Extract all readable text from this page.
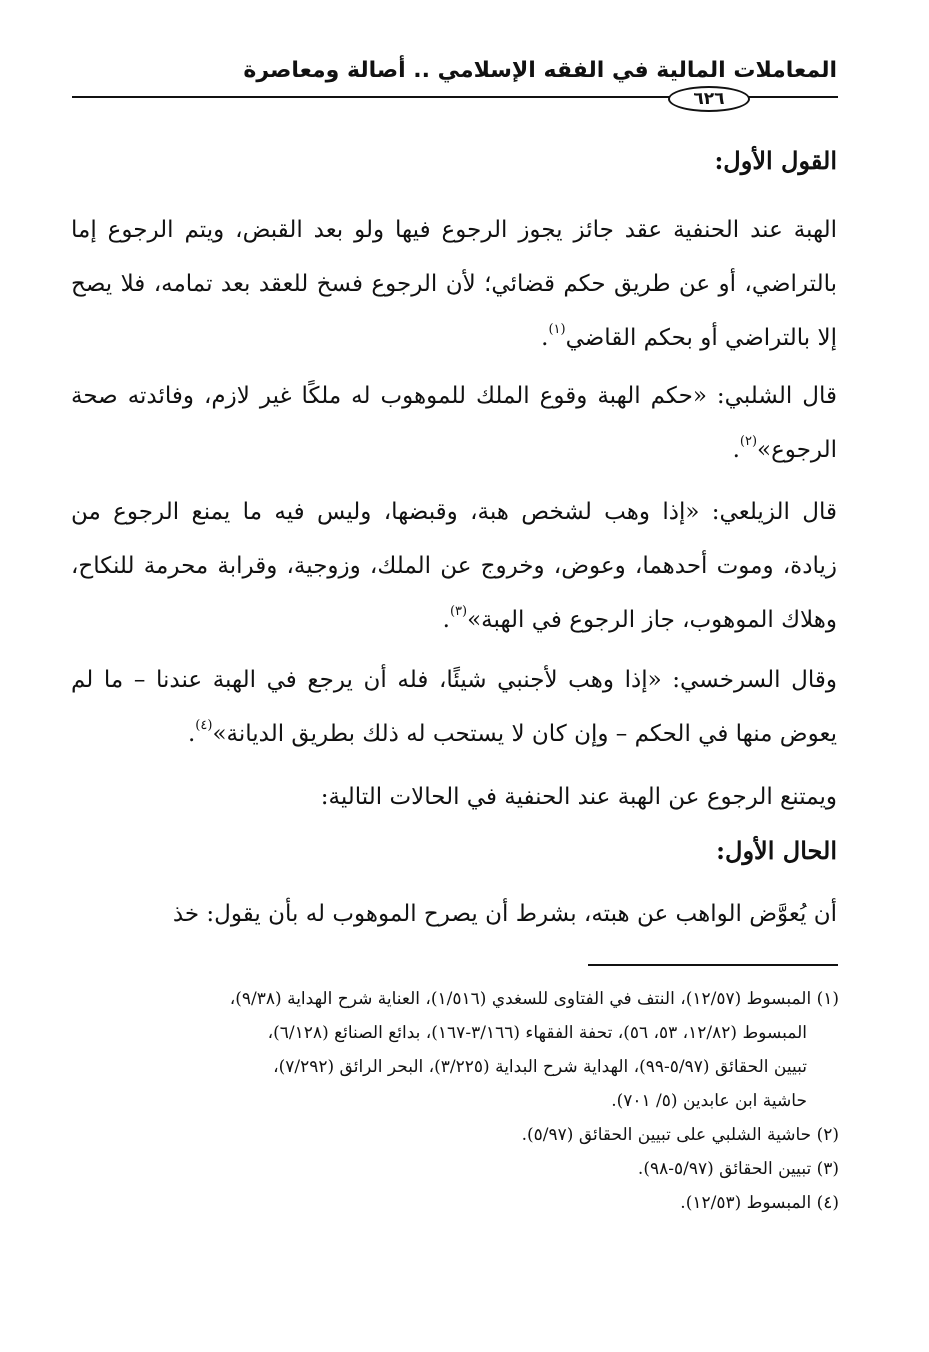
المعاملات المالية في الفقه الإسلامي .. أصالة ومعاصرة
٦٢٦
القول الأول:
الهبة عند الحنفية عقد جائز يجوز الرجوع فيها ولو بعد القبض، ويتم الرجوع إما بالتراضي، أو عن طريق حكم قضائي؛ لأن الرجوع فسخ للعقد بعد تمامه، فلا يصح إلا بالتراضي أو بحكم القاضي$^{(١)}$.
قال الشلبي: «حكم الهبة وقوع الملك للموهوب له ملكًا غير لازم، وفائدته صحة الرجوع»$^{(٢)}$.
قال الزيلعي: «إذا وهب لشخص هبة، وقبضها، وليس فيه ما يمنع الرجوع من زيادة، وموت أحدهما، وعوض، وخروج عن الملك، وزوجية، وقرابة محرمة للنكاح، وهلاك الموهوب، جاز الرجوع في الهبة»$^{(٣)}$.
وقال السرخسي: «إذا وهب لأجنبي شيئًا، فله أن يرجع في الهبة عندنا – ما لم يعوض منها في الحكم – وإن كان لا يستحب له ذلك بطريق الديانة»$^{(٤)}$.
ويمتنع الرجوع عن الهبة عند الحنفية في الحالات التالية:
الحال الأول:
أن يُعوَّض الواهب عن هبته، بشرط أن يصرح الموهوب له بأن يقول: خذ

(١) المبسوط (١٢/٥٧)، النتف في الفتاوى للسغدي (١/٥١٦)، العناية شرح الهداية (٩/٣٨)،

المبسوط (١٢/٨٢، ٥٣، ٥٦)، تحفة الفقهاء (٣/١٦٦-١٦٧)، بدائع الصنائع (٦/١٢٨)،

تبيين الحقائق (٥/٩٧-٩٩)، الهداية شرح البداية (٣/٢٢٥)، البحر الرائق (٧/٢٩٢)،

حاشية ابن عابدين (٥/ ٧٠١).

(٢) حاشية الشلبي على تبيين الحقائق (٥/٩٧).

(٣) تبيين الحقائق (٥/٩٧-٩٨).

(٤) المبسوط (١٢/٥٣).
